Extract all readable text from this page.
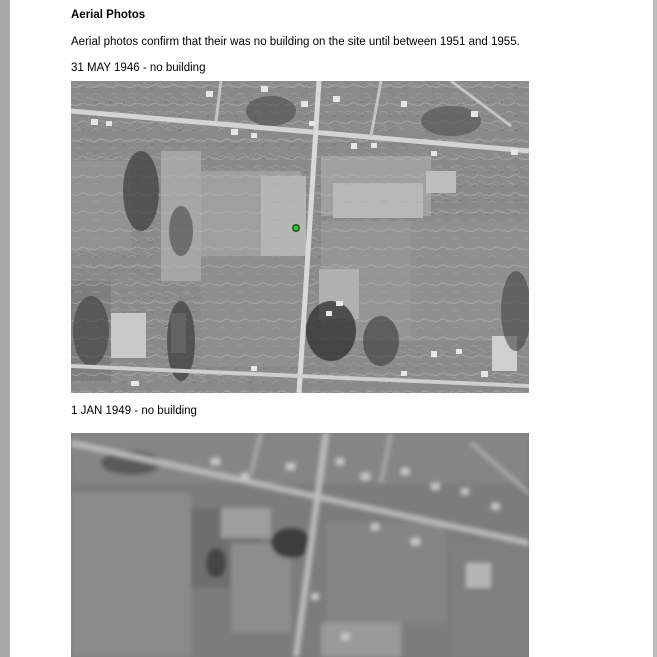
Aerial Photos
Aerial photos confirm that their was no building on the site until between 1951 and 1955.
31 MAY 1946 - no building
1 JAN 1949 - no building
